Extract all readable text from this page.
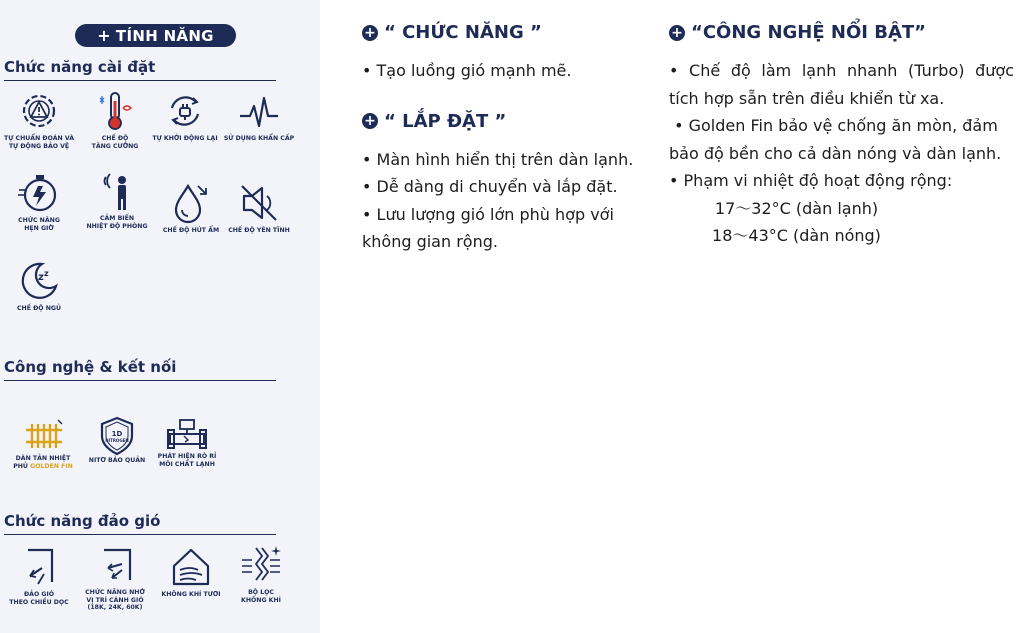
+ TÍNH NĂNG
Chức năng cài đặt
TỰ CHUẨN ĐOÁN VÀ
TỰ ĐỘNG BẢO VỆ
CHẾ ĐỘ
TĂNG CƯỜNG
TỰ KHỞI ĐỘNG LẠI	SỬ DỤNG KHẨN CẤP
CHỨC NĂNG
HẸN GIỜ
CẢM BIẾN
NHIỆT ĐỘ PHÒNG
CHẾ ĐỘ HÚT ẨM	CHẾ ĐỘ YÊN TĨNH
z z
CHẾ ĐỘ NGỦ
Công nghệ & kết nối
DÀN TẢN NHIỆT
PHỦ GOLDEN FIN
1D
NITROGEN
NITƠ BẢO QUẢN
PHÁT HIỆN RÒ RỈ
MÔI CHẤT LẠNH
Chức năng đảo gió
ĐẢO GIÓ
THEO CHIỀU DỌC
CHỨC NĂNG NHỚ
VỊ TRÍ CÁNH GIÓ
(18K, 24K, 60K)
KHÔNG KHÍ TƯƠI	BỘ LỌC
KHÔNG KHÍ
+ “ CHỨC NĂNG ”

• Tạo luồng gió mạnh mẽ.

+ “ LẮP ĐẶT ”

• Màn hình hiển thị trên dàn lạnh.

• Dễ dàng di chuyển và lắp đặt.

• Lưu lượng gió lớn phù hợp với

không gian rộng.

+ “CÔNG NGHỆ NỔI BẬT”

• Chế độ làm lạnh nhanh (Turbo) được

tích hợp sẵn trên điều khiển từ xa.

• Golden Fin bảo vệ chống ăn mòn, đảm

bảo độ bền cho cả dàn nóng và dàn lạnh.

• Phạm vi nhiệt độ hoạt động rộng:

17～32°C (dàn lạnh)

18～43°C (dàn nóng)
